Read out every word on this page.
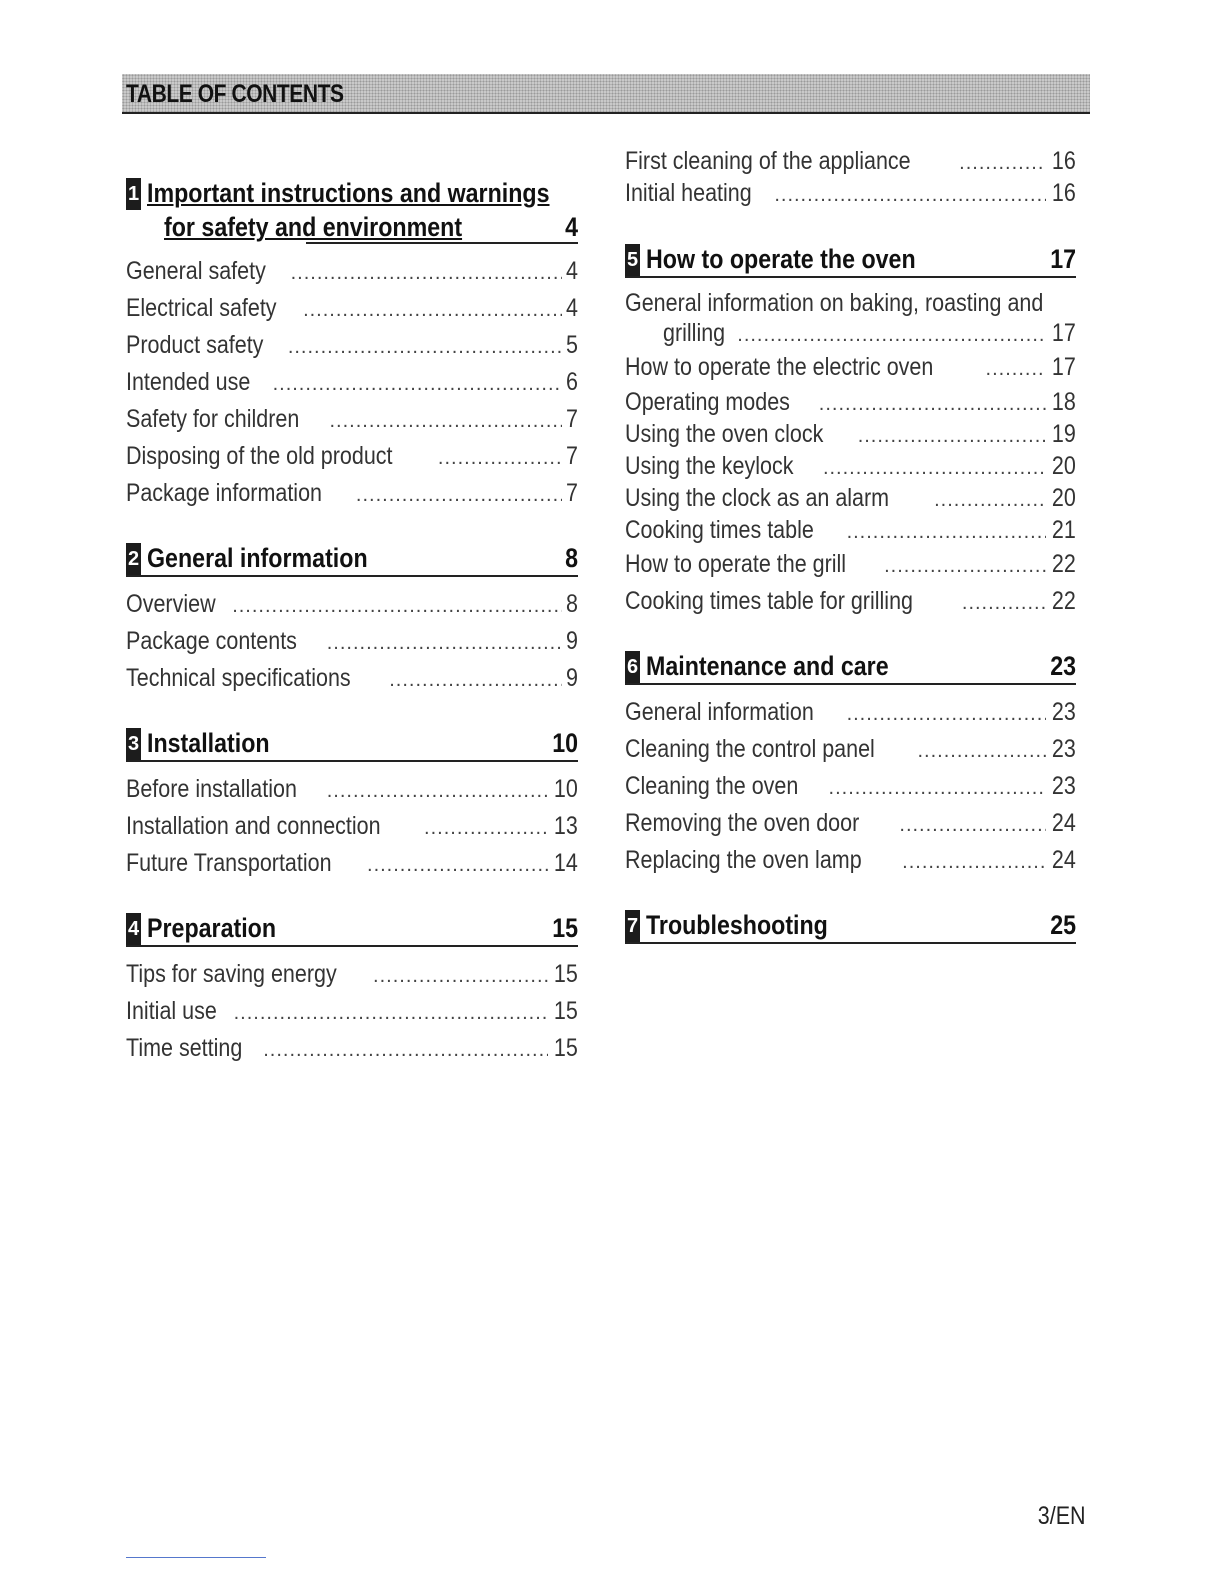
TABLE OF CONTENTS
1 Important instructions and warnings
for safety and environment	4
General safety .....	4
Electrical safety .....	4
Product safety .....	5
Intended use .....	6
Safety for children .....	7
Disposing of the old product .....	7
Package information .....	7
2 General information	8
Overview .....	8
Package contents .....	9
Technical specifications .....	9
3 Installation	10
Before installation .....	10
Installation and connection .....	13
Future Transportation .....	14
4 Preparation	15
Tips for saving energy .....	15
Initial use .....	15
Time setting .....	15
First cleaning of the appliance .....	16
Initial heating .....	16
5 How to operate the oven	17
General information on baking, roasting and
grilling .....	17
How to operate the electric oven .....	17
Operating modes .....	18
Using the oven clock .....	19
Using the keylock .....	20
Using the clock as an alarm .....	20
Cooking times table .....	21
How to operate the grill .....	22
Cooking times table for grilling .....	22
6 Maintenance and care	23
General information .....	23
Cleaning the control panel .....	23
Cleaning the oven .....	23
Removing the oven door .....	24
Replacing the oven lamp .....	24
7 Troubleshooting	25
3/EN
